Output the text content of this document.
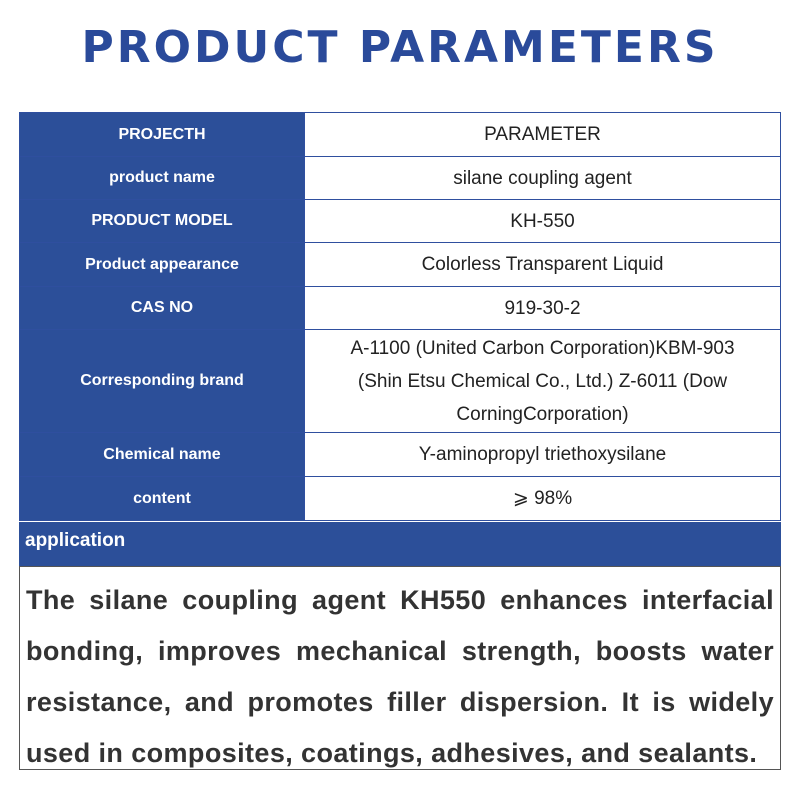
PRODUCT PARAMETERS
PROJECTH	PARAMETER
product name	silane coupling agent
PRODUCT MODEL	KH-550
Product appearance	Colorless Transparent Liquid
CAS NO	919-30-2
Corresponding brand	A-1100 (United Carbon Corporation)KBM-903 (Shin Etsu Chemical Co., Ltd.) Z-6011 (Dow CorningCorporation)
Chemical name	Y-aminopropyl triethoxysilane
content	⩾ 98%
application
The silane coupling agent KH550 enhances interfacial bonding, improves mechanical strength, boosts water resistance, and promotes filler dispersion. It is widely used in composites, coatings, adhesives, and sealants.
